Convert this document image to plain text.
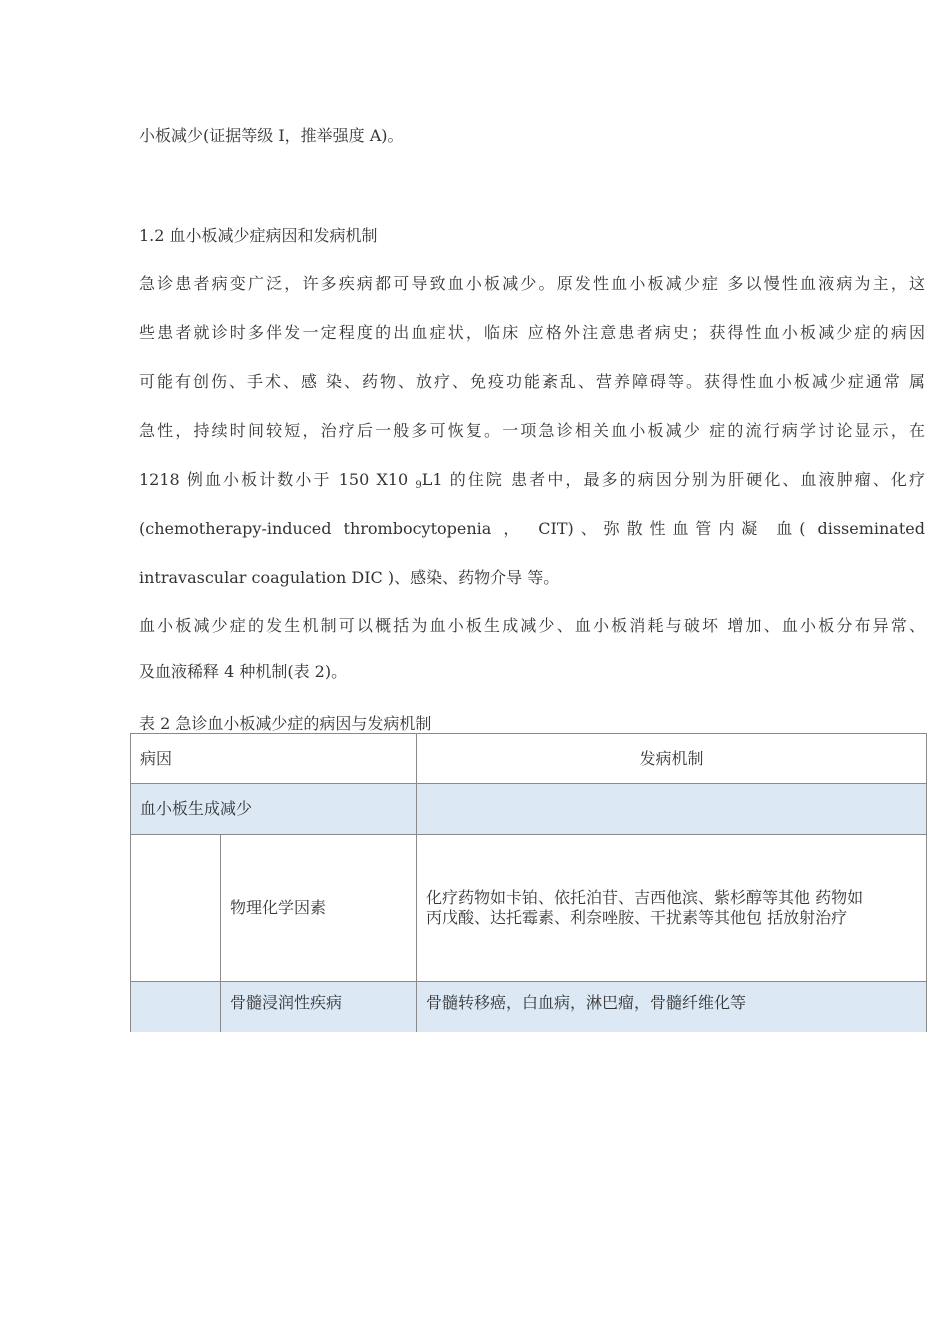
小板减少(证据等级 I，推举强度 A)。
1.2 血小板减少症病因和发病机制
急诊患者病变广泛，许多疾病都可导致血小板减少。原发性血小板减少症 多以慢性血液病为主，这
些患者就诊时多伴发一定程度的出血症状，临床 应格外注意患者病史；获得性血小板减少症的病因
可能有创伤、手术、感 染、药物、放疗、免疫功能紊乱、营养障碍等。获得性血小板减少症通常 属
急性，持续时间较短，治疗后一般多可恢复。一项急诊相关血小板减少 症的流行病学讨论显示，在
1218 例血小板计数小于 150 X10 $_9$L1 的住院 患者中，最多的病因分别为肝硬化、血液肿瘤、化疗
(chemotherapy-induced thrombocytopenia ， CIT)、弥散性血管内凝 血( disseminated
intravascular coagulation DIC )、感染、药物介导 等。
血小板减少症的发生机制可以概括为血小板生成减少、血小板消耗与破坏 增加、血小板分布异常、
及血液稀释 4 种机制(表 2)。
表 2 急诊血小板减少症的病因与发病机制
病因		发病机制
血小板生成减少		
	物理化学因素	化疗药物如卡铂、依托泊苷、吉西他滨、紫杉醇等其他 药物如
丙戊酸、达托霉素、利奈唑胺、干扰素等其他包 括放射治疗

	骨髓浸润性疾病	骨髓转移癌，白血病，淋巴瘤，骨髓纤维化等
